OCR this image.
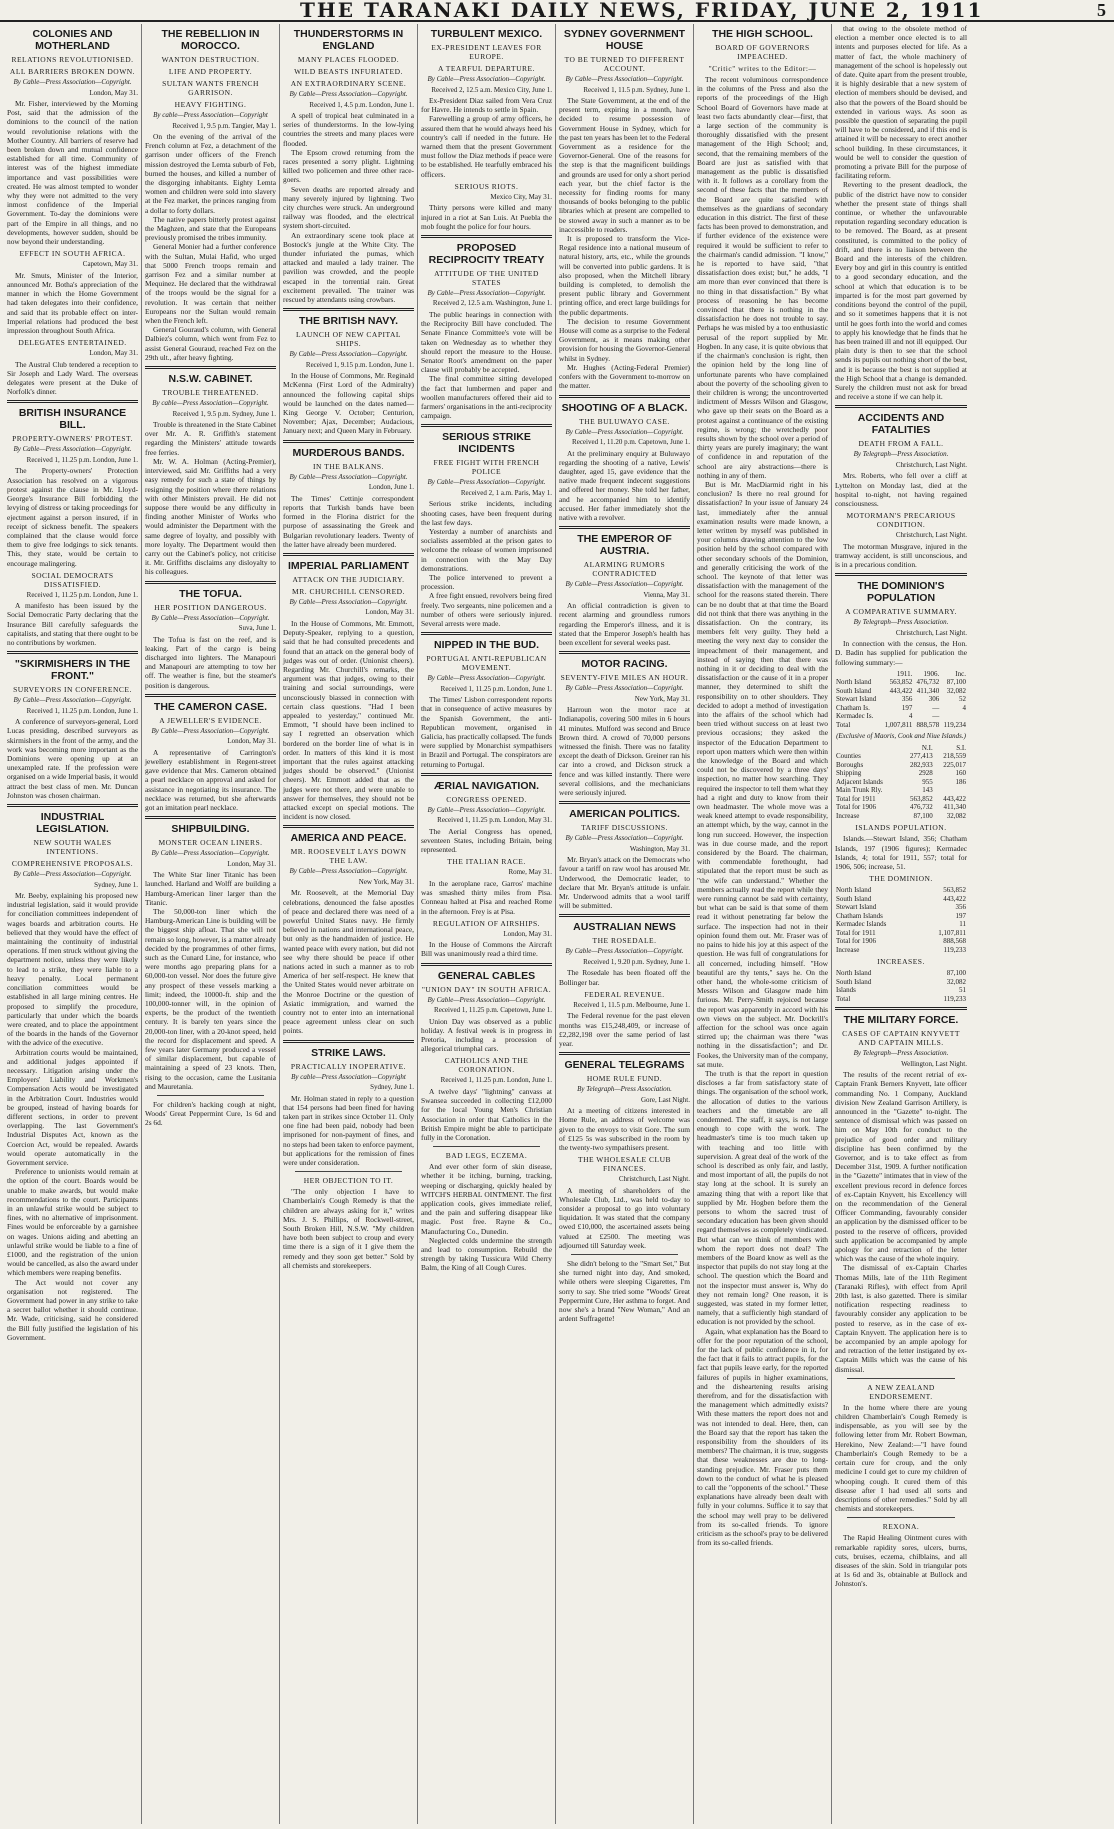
THE TARANAKI DAILY NEWS, FRIDAY, JUNE 2, 1911	5
COLONIES AND MOTHERLAND
RELATIONS REVOLUTIONISED.
ALL BARRIERS BROKEN DOWN.
By Cable—Press Association—Copyright.
London, May 31.

Mr. Fisher, interviewed by the Morning Post, said that the admission of the dominions to the council of the nation would revolutionise relations with the Mother Country. All barriers of reserve had been broken down and mutual confidence established for all time. Community of interest was of the highest immediate importance and vast possibilities were created. He was almost tempted to wonder why they were not admitted to the very inmost confidence of the Imperial Government. To-day the dominions were part of the Empire in all things, and no developments, however sudden, should be now beyond their understanding.

EFFECT IN SOUTH AFRICA.
Capetown, May 31.

Mr. Smuts, Minister of the Interior, announced Mr. Botha's appreciation of the manner in which the Home Government had taken delegates into their confidence, and said that its probable effect on inter-Imperial relations had produced the best impression throughout South Africa.

DELEGATES ENTERTAINED.
London, May 31.

The Austral Club tendered a reception to Sir Joseph and Lady Ward. The overseas delegates were present at the Duke of Norfolk's dinner.

BRITISH INSURANCE BILL.
PROPERTY-OWNERS' PROTEST.
By Cable—Press Association—Copyright.
Received 1, 11.25 p.m. London, June 1.

The Property-owners' Protection Association has resolved on a vigorous protest against the clause in Mr. Lloyd-George's Insurance Bill forbidding the levying of distress or taking proceedings for ejectment against a person insured, if in receipt of sickness benefit. The speakers complained that the clause would force them to give free lodgings to sick tenants. This, they state, would be certain to encourage malingering.

SOCIAL DEMOCRATS DISSATISFIED.
Received 1, 11.25 p.m. London, June 1.

A manifesto has been issued by the Social Democratic Party declaring that the Insurance Bill carefully safeguards the capitalists, and stating that there ought to be no contributions by workmen.

"SKIRMISHERS IN THE FRONT."
SURVEYORS IN CONFERENCE.
By Cable—Press Association—Copyright.
Received 1, 11.25 p.m. London, June 1.

A conference of surveyors-general, Lord Lucas presiding, described surveyors as skirmishers in the front of the army, and the work was becoming more important as the Dominions were opening up at an unexampled rate. If the profession were organised on a wide Imperial basis, it would attract the best class of men. Mr. Duncan Johnston was chosen chairman.

INDUSTRIAL LEGISLATION.
NEW SOUTH WALES INTENTIONS.
COMPREHENSIVE PROPOSALS.
By Cable—Press Association—Copyright.
Sydney, June 1.

Mr. Beeby, explaining his proposed new industrial legislation, said it would provide for conciliation committees independent of wages boards and arbitration courts. He believed that they would have the effect of maintaining the continuity of industrial operations. If men struck without giving the department notice, unless they were likely to lead to a strike, they were liable to a heavy penalty. Local permanent conciliation committees would be established in all large mining centres. He proposed to simplify the procedure, particularly that under which the boards were created, and to place the appointment of the boards in the hands of the Governor with the advice of the executive.

Arbitration courts would be maintained, and additional judges appointed if necessary. Litigation arising under the Employers' Liability and Workmen's Compensation Acts would be investigated in the Arbitration Court. Industries would be grouped, instead of having boards for different sections, in order to prevent overlapping. The last Government's Industrial Disputes Act, known as the Coercion Act, would be repealed. Awards would operate automatically in the Government service.

Preference to unionists would remain at the option of the court. Boards would be unable to make awards, but would make recommendations to the court. Participants in an unlawful strike would be subject to fines, with no alternative of imprisonment. Fines would be enforceable by a garnishee on wages. Unions aiding and abetting an unlawful strike would be liable to a fine of £1000, and the registration of the union would be cancelled, as also the award under which members were reaping benefits.

The Act would not cover any organisation not registered. The Government had power in any strike to take a secret ballot whether it should continue. Mr. Wade, criticising, said he considered the Bill fully justified the legislation of his Government.

THE REBELLION IN MOROCCO.
WANTON DESTRUCTION.
LIFE AND PROPERTY.
SULTAN WANTS FRENCH GARRISON.
HEAVY FIGHTING.
By cable—Press Association—Copyright
Received 1, 9.5 p.m. Tangier, May 1.

On the evening of the arrival of the French column at Fez, a detachment of the garrison under officers of the French mission destroyed the Lemta suburb of Feb, burned the houses, and killed a number of the disgorging inhabitants. Eighty Lemta women and children were sold into slavery at the Fez market, the princes ranging from a dollar to forty dollars.

The native papers bitterly protest against the Maghzen, and state that the Europeans previously promised the tribes immunity.

General Monier had a further conference with the Sultan, Mulai Hafid, who urged that 5000 French troops remain and garrison Fez and a similar number at Mequinez. He declared that the withdrawal of the troops would be the signal for a revolution. It was certain that neither Europeans nor the Sultan would remain when the French left.

General Gouraud's column, with General Dalbiez's column, which went from Fez to assist General Gouraud, reached Fez on the 29th ult., after heavy fighting.

N.S.W. CABINET.
TROUBLE THREATENED.
By cable—Press Association—Copyright.
Received 1, 9.5 p.m. Sydney, June 1.

Trouble is threatened in the State Cabinet over Mr. A. R. Griffith's statement regarding the Ministers' attitude towards free ferries.

Mr. W. A. Holman (Acting-Premier), interviewed, said Mr. Griffiths had a very easy remedy for such a state of things by resigning the position where there relations with other Ministers prevail. He did not suppose there would be any difficulty in finding another Minister of Works who would administer the Department with the same degree of loyalty, and possibly with more loyalty. The Department would then carry out the Cabinet's policy, not criticise it. Mr. Griffiths disclaims any disloyalty to his colleagues.

THE TOFUA.
HER POSITION DANGEROUS.
By Cable—Press Association—Copyright.
Suva, June 1.

The Tofua is fast on the reef, and is leaking. Part of the cargo is being discharged into lighters. The Manapouri and Manapouri are attempting to tow her off. The weather is fine, but the steamer's position is dangerous.

THE CAMERON CASE.
A JEWELLER'S EVIDENCE.
By Cable—Press Association—Copyright.
London, May 31.

A representative of Carrington's jewellery establishment in Regent-street gave evidence that Mrs. Cameron obtained a pearl necklace on approval and asked for assistance in negotiating its insurance. The necklace was returned, but she afterwards got an imitation pearl necklace.

SHIPBUILDING.
MONSTER OCEAN LINERS.
By Cable—Press Association—Copyright.
London, May 31.

The White Star liner Titanic has been launched. Harland and Wolff are building a Hamburg-American liner larger than the Titanic.

The 50,000-ton liner which the Hamburg-American Line is building will be the biggest ship afloat. That she will not remain so long, however, is a matter already decided by the programmes of other firms, such as the Cunard Line, for instance, who were months ago preparing plans for a 60,000-ton vessel. Nor does the future give any prospect of these vessels marking a limit; indeed, the 10000-ft. ship and the 100,000-tonner will, in the opinion of experts, be the product of the twentieth century. It is barely ten years since the 20,000-ton liner, with a 20-knot speed, held the record for displacement and speed. A few years later Germany produced a vessel of similar displacement, but capable of maintaining a speed of 23 knots. Then, rising to the occasion, came the Lusitania and Mauretania.

For children's hacking cough at night, Woods' Great Peppermint Cure, 1s 6d and 2s 6d.

THUNDERSTORMS IN ENGLAND
MANY PLACES FLOODED.
WILD BEASTS INFURIATED.
AN EXTRAORDINARY SCENE.
By Cable—Press Association—Copyright.
Received 1, 4.5 p.m. London, June 1.

A spell of tropical heat culminated in a series of thunderstorms. In the low-lying countries the streets and many places were flooded.

The Epsom crowd returning from the races presented a sorry plight. Lightning killed two policemen and three other race-goers.

Seven deaths are reported already and many severely injured by lightning. Two city churches were struck. An underground railway was flooded, and the electrical system short-circuited.

An extraordinary scene took place at Bostock's jungle at the White City. The thunder infuriated the pumas, which attacked and mauled a lady trainer. The pavilion was crowded, and the people escaped in the torrential rain. Great excitement prevailed. The trainer was rescued by attendants using crowbars.

THE BRITISH NAVY.
LAUNCH OF NEW CAPITAL SHIPS.
By Cable—Press Association—Copyright.
Received 1, 9.15 p.m. London, June 1.

In the House of Commons, Mr. Reginald McKenna (First Lord of the Admiralty) announced the following capital ships would be launched on the dates named—King George V. October; Centurion, November; Ajax, December; Audacious, January next; and Queen Mary in February.

MURDEROUS BANDS.
IN THE BALKANS.
By Cable—Press Association—Copyright.
London, June 1.

The Times' Cettinje correspondent reports that Turkish bands have been formed in the Florina district for the purpose of assassinating the Greek and Bulgarian revolutionary leaders. Twenty of the latter have already been murdered.

IMPERIAL PARLIAMENT
ATTACK ON THE JUDICIARY.
MR. CHURCHILL CENSORED.
By Cable—Press Association—Copyright.
London, May 31.

In the House of Commons, Mr. Emmott, Deputy-Speaker, replying to a question, said that he had consulted precedents and found that an attack on the general body of judges was out of order. (Unionist cheers). Regarding Mr. Churchill's remarks, the argument was that judges, owing to their training and social surroundings, were unconsciously biassed in connection with certain class questions. "Had I been appealed to yesterday," continued Mr. Emmott, "I should have been inclined to say I regretted an observation which bordered on the border line of what is in order. In matters of this kind it is most important that the rules against attacking judges should be observed." (Unionist cheers). Mr. Emmott added that as the judges were not there, and were unable to answer for themselves, they should not be attacked except on special motions. The incident is now closed.

AMERICA AND PEACE.
MR. ROOSEVELT LAYS DOWN THE LAW.
By Cable—Press Association—Copyright.
New York, May 31.

Mr. Roosevelt, at the Memorial Day celebrations, denounced the false apostles of peace and declared there was need of a powerful United States navy. He firmly believed in nations and international peace, but only as the handmaiden of justice. He wanted peace with every nation, but did not see why there should be peace if other nations acted in such a manner as to rob America of her self-respect. He knew that the United States would never arbitrate on the Monroe Doctrine or the question of Asiatic immigration, and warned the country not to enter into an international peace agreement unless clear on such points.

STRIKE LAWS.
PRACTICALLY INOPERATIVE.
By cable—Press Association—Copyright
Sydney, June 1.

Mr. Holman stated in reply to a question that 154 persons had been fined for having taken part in strikes since October 11. Only one fine had been paid, nobody had been imprisoned for non-payment of fines, and no steps had been taken to enforce payment, but applications for the remission of fines were under consideration.

HER OBJECTION TO IT.

"The only objection I have to Chamberlain's Cough Remedy is that the children are always asking for it," writes Mrs. J. S. Phillips, of Rockwell-street, South Broken Hill, N.S.W. "My children have both been subject to croup and every time there is a sign of it I give them the remedy and they soon get better." Sold by all chemists and storekeepers.

TURBULENT MEXICO.
EX-PRESIDENT LEAVES FOR EUROPE.
A TEARFUL DEPARTURE.
By Cable—Press Association—Copyright.
Received 2, 12.5 a.m. Mexico City, June 1.

Ex-President Diaz sailed from Vera Cruz for Havre. He intends to settle in Spain.

Farewelling a group of army officers, he assured them that he would always heed his country's call if needed in the future. He warned them that the present Government must follow the Diaz methods if peace were to be established. He tearfully embraced his officers.

SERIOUS RIOTS.
Mexico City, May 31.

Thirty persons were killed and many injured in a riot at San Luis. At Puebla the mob fought the police for four hours.

PROPOSED RECIPROCITY TREATY
ATTITUDE OF THE UNITED STATES
By Cable—Press Association—Copyright.
Received 2, 12.5 a.m. Washington, June 1.

The public hearings in connection with the Reciprocity Bill have concluded. The Senate Finance Committee's vote will be taken on Wednesday as to whether they should report the measure to the House. Senator Root's amendment on the paper clause will probably be accepted.

The final committee sitting developed the fact that lumbermen and paper and woollen manufacturers offered their aid to farmers' organisations in the anti-reciprocity campaign.

SERIOUS STRIKE INCIDENTS
FREE FIGHT WITH FRENCH POLICE
By Cable—Press Association—Copyright.
Received 2, 1 a.m. Paris, May 1.

Serious strike incidents, including shooting cases, have been frequent during the last few days.

Yesterday a number of anarchists and socialists assembled at the prison gates to welcome the release of women imprisoned in connection with the May Day demonstrations.

The police intervened to prevent a procession.

A free fight ensued, revolvers being fired freely. Two sergeants, nine policemen and a number of others were seriously injured. Several arrests were made.

NIPPED IN THE BUD.
PORTUGAL ANTI-REPUBLICAN MOVEMENT.
By Cable—Press Association—Copyright.
Received 1, 11.25 p.m. London, June 1.

The Times' Lisbon correspondent reports that in consequence of active measures by the Spanish Government, the anti-Republican movement, organised in Galicia, has practically collapsed. The funds were supplied by Monarchist sympathisers in Brazil and Portugal. The conspirators are returning to Portugal.

ÆRIAL NAVIGATION.
CONGRESS OPENED.
By Cable—Press Association—Copyright.
Received 1, 11.25 p.m. London, May 31.

The Aerial Congress has opened, seventeen States, including Britain, being represented.

THE ITALIAN RACE.
Rome, May 31.

In the aeroplane race, Garros' machine was smashed thirty miles from Pisa. Conneau halted at Pisa and reached Rome in the afternoon. Frey is at Pisa.

REGULATION OF AIRSHIPS.
London, May 31.

In the House of Commons the Aircraft Bill was unanimously read a third time.

GENERAL CABLES
"UNION DAY" IN SOUTH AFRICA.
By Cable—Press Association—Copyright.
Received 1, 11.25 p.m. Capetown, June 1.

Union Day was observed as a public holiday. A festival week is in progress in Pretoria, including a procession of allegorical triumphal cars.

CATHOLICS AND THE CORONATION.
Received 1, 11.25 p.m. London, June 1.

A twelve days' "lightning" canvass at Swansea succeeded in collecting £12,000 for the local Young Men's Christian Association in order that Catholics in the British Empire might be able to participate fully in the Coronation.

BAD LEGS, ECZEMA.

And ever other form of skin disease, whether it be itching, burning, tracking, weeping or discharging, quickly healed by WITCH'S HERBAL OINTMENT. The first application cools, gives immediate relief, and the pain and suffering disappear like magic. Post free. Rayne & Co., Manufacturing Co., Dunedin.

Neglected colds undermine the strength and lead to consumption. Rebuild the strength by taking Tussicura Wild Cherry Balm, the King of all Cough Cures.

SYDNEY GOVERNMENT HOUSE
TO BE TURNED TO DIFFERENT ACCOUNT.
By Cable—Press Association—Copyright.
Received 1, 11.5 p.m. Sydney, June 1.

The State Government, at the end of the present term, expiring in a month, have decided to resume possession of Government House in Sydney, which for the past ten years has been let to the Federal Government as a residence for the Governor-General. One of the reasons for the step is that the magnificent buildings and grounds are used for only a short period each year, but the chief factor is the necessity for finding rooms for many thousands of books belonging to the public libraries which at present are compelled to be stowed away in such a manner as to be inaccessible to readers.

It is proposed to transform the Vice-Regal residence into a national museum of natural history, arts, etc., while the grounds will be converted into public gardens. It is also proposed, when the Mitchell library building is completed, to demolish the present public library and Government printing office, and erect large buildings for the public departments.

The decision to resume Government House will come as a surprise to the Federal Government, as it means making other provision for housing the Governor-General whilst in Sydney.

Mr. Hughes (Acting-Federal Premier) confers with the Government to-morrow on the matter.

SHOOTING OF A BLACK.
THE BULUWAYO CASE.
By Cable—Press Association—Copyright.
Received 1, 11.20 p.m. Capetown, June 1.

At the preliminary enquiry at Buluwayo regarding the shooting of a native, Lewis' daughter, aged 15, gave evidence that the native made frequent indecent suggestions and offered her money. She told her father, and he accompanied him to identify accused. Her father immediately shot the native with a revolver.

THE EMPEROR OF AUSTRIA.
ALARMING RUMORS CONTRADICTED
By Cable—Press Association—Copyright.
Vienna, May 31.

An official contradiction is given to recent alarming and groundless rumors regarding the Emperor's illness, and it is stated that the Emperor Joseph's health has been excellent for several weeks past.

MOTOR RACING.
SEVENTY-FIVE MILES AN HOUR.
By Cable—Press Association—Copyright.
New York, May 31.

Harroun won the motor race at Indianapolis, covering 500 miles in 6 hours 41 minutes. Mulford was second and Bruce Brown third. A crowd of 70,000 persons witnessed the finish. There was no fatality except the death of Dickson. Greiner ran his car into a crowd, and Dickson struck a fence and was killed instantly. There were several collisions, and the mechanicians were seriously injured.

AMERICAN POLITICS.
TARIFF DISCUSSIONS.
By Cable—Press Association—Copyright.
Washington, May 31.

Mr. Bryan's attack on the Democrats who favour a tariff on raw wool has aroused Mr. Underwood, the Democratic leader, to declare that Mr. Bryan's attitude is unfair. Mr. Underwood admits that a wool tariff will be submitted.

AUSTRALIAN NEWS
THE ROSEDALE.
By Cable—Press Association—Copyright.
Received 1, 9.20 p.m. Sydney, June 1.

The Rosedale has been floated off the Bollinger bar.

FEDERAL REVENUE.
Received 1, 11.5 p.m. Melbourne, June 1.

The Federal revenue for the past eleven months was £15,248,409, or increase of £2,282,198 over the same period of last year.

GENERAL TELEGRAMS
HOME RULE FUND.
By Telegraph—Press Association.
Gore, Last Night.

At a meeting of citizens interested in Home Rule, an address of welcome was given to the envoys to visit Gore. The sum of £125 5s was subscribed in the room by the twenty-two sympathisers present.

THE WHOLESALE CLUB FINANCES.
Christchurch, Last Night.

A meeting of shareholders of the Wholesale Club, Ltd., was held to-day to consider a proposal to go into voluntary liquidation. It was stated that the company owed £10,000, the ascertained assets being valued at £2500. The meeting was adjourned till Saturday week.

She didn't belong to the "Smart Set," But she turned night into day, And smoked, while others were sleeping Cigarettes, I'm sorry to say. She tried some "Woods' Great Peppermint Cure, Her asthma to forget. And now she's a brand "New Woman," And an ardent Suffragette!

THE HIGH SCHOOL.
BOARD OF GOVERNORS IMPEACHED.
"Critic" writes to the Editor:—

The recent voluminous correspondence in the columns of the Press and also the reports of the proceedings of the High School Board of Governors have made at least two facts abundantly clear—first, that a large section of the community is thoroughly dissatisfied with the present management of the High School; and, second, that the remaining members of the Board are just as satisfied with that management as the public is dissatisfied with it. It follows as a corollary from the second of these facts that the members of the Board are quite satisfied with themselves as the guardians of secondary education in this district. The first of these facts has been proved to demonstration, and if further evidence of the existence were required it would be sufficient to refer to the chairman's candid admission. "I know," he is reported to have said, "that dissatisfaction does exist; but," he adds, "I am more than ever convinced that there is no thing in that dissatisfaction." By what process of reasoning he has become convinced that there is nothing in the dissatisfaction he does not trouble to say. Perhaps he was misled by a too enthusiastic perusal of the report supplied by Mr. Hogben. In any case, it is quite obvious that if the chairman's conclusion is right, then the opinion held by the long line of unfortunate parents who have complained about the poverty of the schooling given to their children is wrong; the uncontroverted indictment of Messrs Wilson and Glasgow, who gave up their seats on the Board as a protest against a continuance of the existing regime, is wrong; the wretchedly poor results shown by the school over a period of thirty years are purely imaginary; the want of confidence in and reputation of the school are airy abstractions—there is nothing in any of them.

But is Mr. MacDiarmid right in his conclusion? Is there no real ground for dissatisfaction? In your issue of January 24 last, immediately after the annual examination results were made known, a letter written by myself was published in your columns drawing attention to the low position held by the school compared with other secondary schools of the Dominion, and generally criticising the work of the school. The keynote of that letter was dissatisfaction with the management of the school for the reasons stated therein. There can be no doubt that at that time the Board did not think that there was anything in the dissatisfaction. On the contrary, its members felt very guilty. They held a meeting the very next day to consider the impeachment of their management, and instead of saying then that there was nothing in it or deciding to deal with the dissatisfaction or the cause of it in a proper manner, they determined to shift the responsibility on to other shoulders. They decided to adopt a method of investigation into the affairs of the school which had been tried without success on at least two previous occasions; they asked the inspector of the Education Department to report upon matters which were then within the knowledge of the Board and which could not be discovered by a three days' inspection, no matter how searching. They required the inspector to tell them what they had a right and duty to know from their own headmaster. The whole move was a weak kneed attempt to evade responsibility, an attempt which, by the way, cannot in the long run succeed. However, the inspection was in due course made, and the report considered by the Board. The chairman, with commendable forethought, had stipulated that the report must be such as "the wife can understand." Whether the members actually read the report while they were running cannot be said with certainty, but what can be said is that some of them read it without penetrating far below the surface. The inspection had not in their opinion found them out. Mr. Fraser was of no pains to hide his joy at this aspect of the question. He was full of congratulations for all concerned, including himself. "How beautiful are thy tents," says he. On the other hand, the whole-some criticism of Messrs Wilson and Glasgow made him furious. Mr. Perry-Smith rejoiced because the report was apparently in accord with his own views on the subject. Mr. Dockrill's affection for the school was once again stirred up; the chairman was there "was nothing in the dissatisfaction"; and Dr. Fookes, the University man of the company, sat mute.

The truth is that the report in question discloses a far from satisfactory state of things. The organisation of the school work, the allocation of duties to the various teachers and the timetable are all condemned. The staff, it says, is not large enough to cope with the work. The headmaster's time is too much taken up with teaching and too little with supervision. A great deal of the work of the school is described as only fair, and lastly, and most important of all, the pupils do not stay long at the school. It is surely an amazing thing that with a report like that supplied by Mr. Hogben before them the persons to whom the sacred trust of secondary education has been given should regard themselves as completely vindicated. But what can we think of members with whom the report does not deal? The members of the Board know as well as the inspector that pupils do not stay long at the school. The question which the Board and not the inspector must answer is, Why do they not remain long? One reason, it is suggested, was stated in my former letter, namely, that a sufficiently high standard of education is not provided by the school.

Again, what explanation has the Board to offer for the poor reputation of the school, for the lack of public confidence in it, for the fact that it fails to attract pupils, for the fact that pupils leave early, for the reported failures of pupils in higher examinations, and the disheartening results arising therefrom, and for the dissatisfaction with the management which admittedly exists? With these matters the report does not and was not intended to deal. Here, then, can the Board say that the report has taken the responsibility from the shoulders of its members? The chairman, it is true, suggests that these weaknesses are due to long-standing prejudice. Mr. Fraser puts them down to the conduct of what he is pleased to call the "opponents of the school." These explanations have already been dealt with fully in your columns. Suffice it to say that the school may well pray to be delivered from its so-called friends. To ignore criticism as the school's pray to be delivered from its so-called friends.

that owing to the obsolete method of election a member once elected is to all intents and purposes elected for life. As a matter of fact, the whole machinery of management of the school is hopelessly out of date. Quite apart from the present trouble, it is highly desirable that a new system of election of members should be devised, and also that the powers of the Board should be extended in various ways. As soon as possible the question of separating the pupil will have to be considered, and if this end is attained it will be necessary to erect another school building. In these circumstances, it would be well to consider the question of promoting a private Bill for the purpose of facilitating reform.

Reverting to the present deadlock, the public of the district have now to consider whether the present state of things shall continue, or whether the unfavourable reputation regarding secondary education is to be removed. The Board, as at present constituted, is committed to the policy of drift, and there is no liaison between the Board and the interests of the children. Every boy and girl in this country is entitled to a good secondary education, and the school at which that education is to be imparted is for the most part governed by conditions beyond the control of the pupil, and so it sometimes happens that it is not until he goes forth into the world and comes to apply his knowledge that he finds that he has been trained ill and not ill equipped. Our plain duty is then to see that the school sends its pupils out nothing short of the best, and it is because the best is not supplied at the High School that a change is demanded. Surely the children must not ask for bread and receive a stone if we can help it.

ACCIDENTS AND FATALITIES
DEATH FROM A FALL.
By Telegraph—Press Association.
Christchurch, Last Night.

Mrs. Roberts, who fell over a cliff at Lyttelton on Monday last, died at the hospital to-night, not having regained consciousness.

MOTORMAN'S PRECARIOUS CONDITION.
Christchurch, Last Night.

The motorman Musgrave, injured in the tramway accident, is still unconscious, and is in a precarious condition.

THE DOMINION'S POPULATION
A COMPARATIVE SUMMARY.
By Telegraph—Press Association.
Christchurch, Last Night.

In connection with the census, the Hon. D. Badin has supplied for publication the following summary:—

	1911.	1906.	Inc.
North Island	563,852	476,732	87,100
South Island	443,422	411,340	32,082
Stewart Island	356	306	52
Chatham Is.	197	—	4
Kermadec Is.	4	—	
Total	1,007,811	888,578	119,234
(Exclusive of Maoris, Cook and Niue Islands.)
	N.I.	S.I.
Counties	277,413	218,559
Boroughs	282,933	225,017
Shipping	2928	160
Adjacent Islands	955	186
Main Trunk Rly.	143	
Total for 1911	563,852	443,422
Total for 1906	476,732	411,340
Increase	87,100	32,082
ISLANDS POPULATION.

Islands.—Stewart Island, 356; Chatham Islands, 197 (1906 figures); Kermadec Islands, 4; total for 1911, 557; total for 1906, 506; increase, 51.

THE DOMINION.
North Island	563,852
South Island	443,422
Stewart Island	356
Chatham Islands	197
Kermadec Islands	11
Total for 1911	1,107,811
Total for 1906	888,568
Increase	119,233
INCREASES.
North Island	87,100
South Island	32,082
Islands	51
Total	119,233
THE MILITARY FORCE.
CASES OF CAPTAIN KNYVETT AND CAPTAIN MILLS.
By Telegraph—Press Association.
Wellington, Last Night.

The results of the recent retrial of ex-Captain Frank Berners Knyvett, late officer commanding No. 1 Company, Auckland division New Zealand Garrison Artillery, is announced in the "Gazette" to-night. The sentence of dismissal which was passed on him on May 10th for conduct to the prejudice of good order and military discipline has been confirmed by the Governor, and is to take effect as from December 31st, 1909. A further notification in the "Gazette" intimates that in view of the excellent previous record in defence forces of ex-Captain Knyvett, his Excellency will on the recommendation of the General Officer Commanding, favourably consider an application by the dismissed officer to be posted to the reserve of officers, provided such application be accompanied by ample apology for and retraction of the letter which was the cause of the whole inquiry.

The dismissal of ex-Captain Charles Thomas Mills, late of the 11th Regiment (Taranaki Rifles), with effect from April 20th last, is also gazetted. There is similar notification respecting readiness to favourably consider any application to be posted to reserve, as in the case of ex-Captain Knyvett. The application here is to be accompanied by an ample apology for and retraction of the letter instigated by ex-Captain Mills which was the cause of his dismissal.

A NEW ZEALAND ENDORSEMENT.

In the home where there are young children Chamberlain's Cough Remedy is indispensable, as you will see by the following letter from Mr. Robert Bowman, Herekino, New Zealand:—"I have found Chamberlain's Cough Remedy to be a certain cure for croup, and the only medicine I could get to cure my children of whooping cough. It cured them of this disease after I had used all sorts and descriptions of other remedies." Sold by all chemists and storekeepers.

REXONA.

The Rapid Healing Ointment cures with remarkable rapidity sores, ulcers, burns, cuts, bruises, eczema, chilblains, and all diseases of the skin. Sold in triangular pots at 1s 6d and 3s, obtainable at Bullock and Johnston's.
